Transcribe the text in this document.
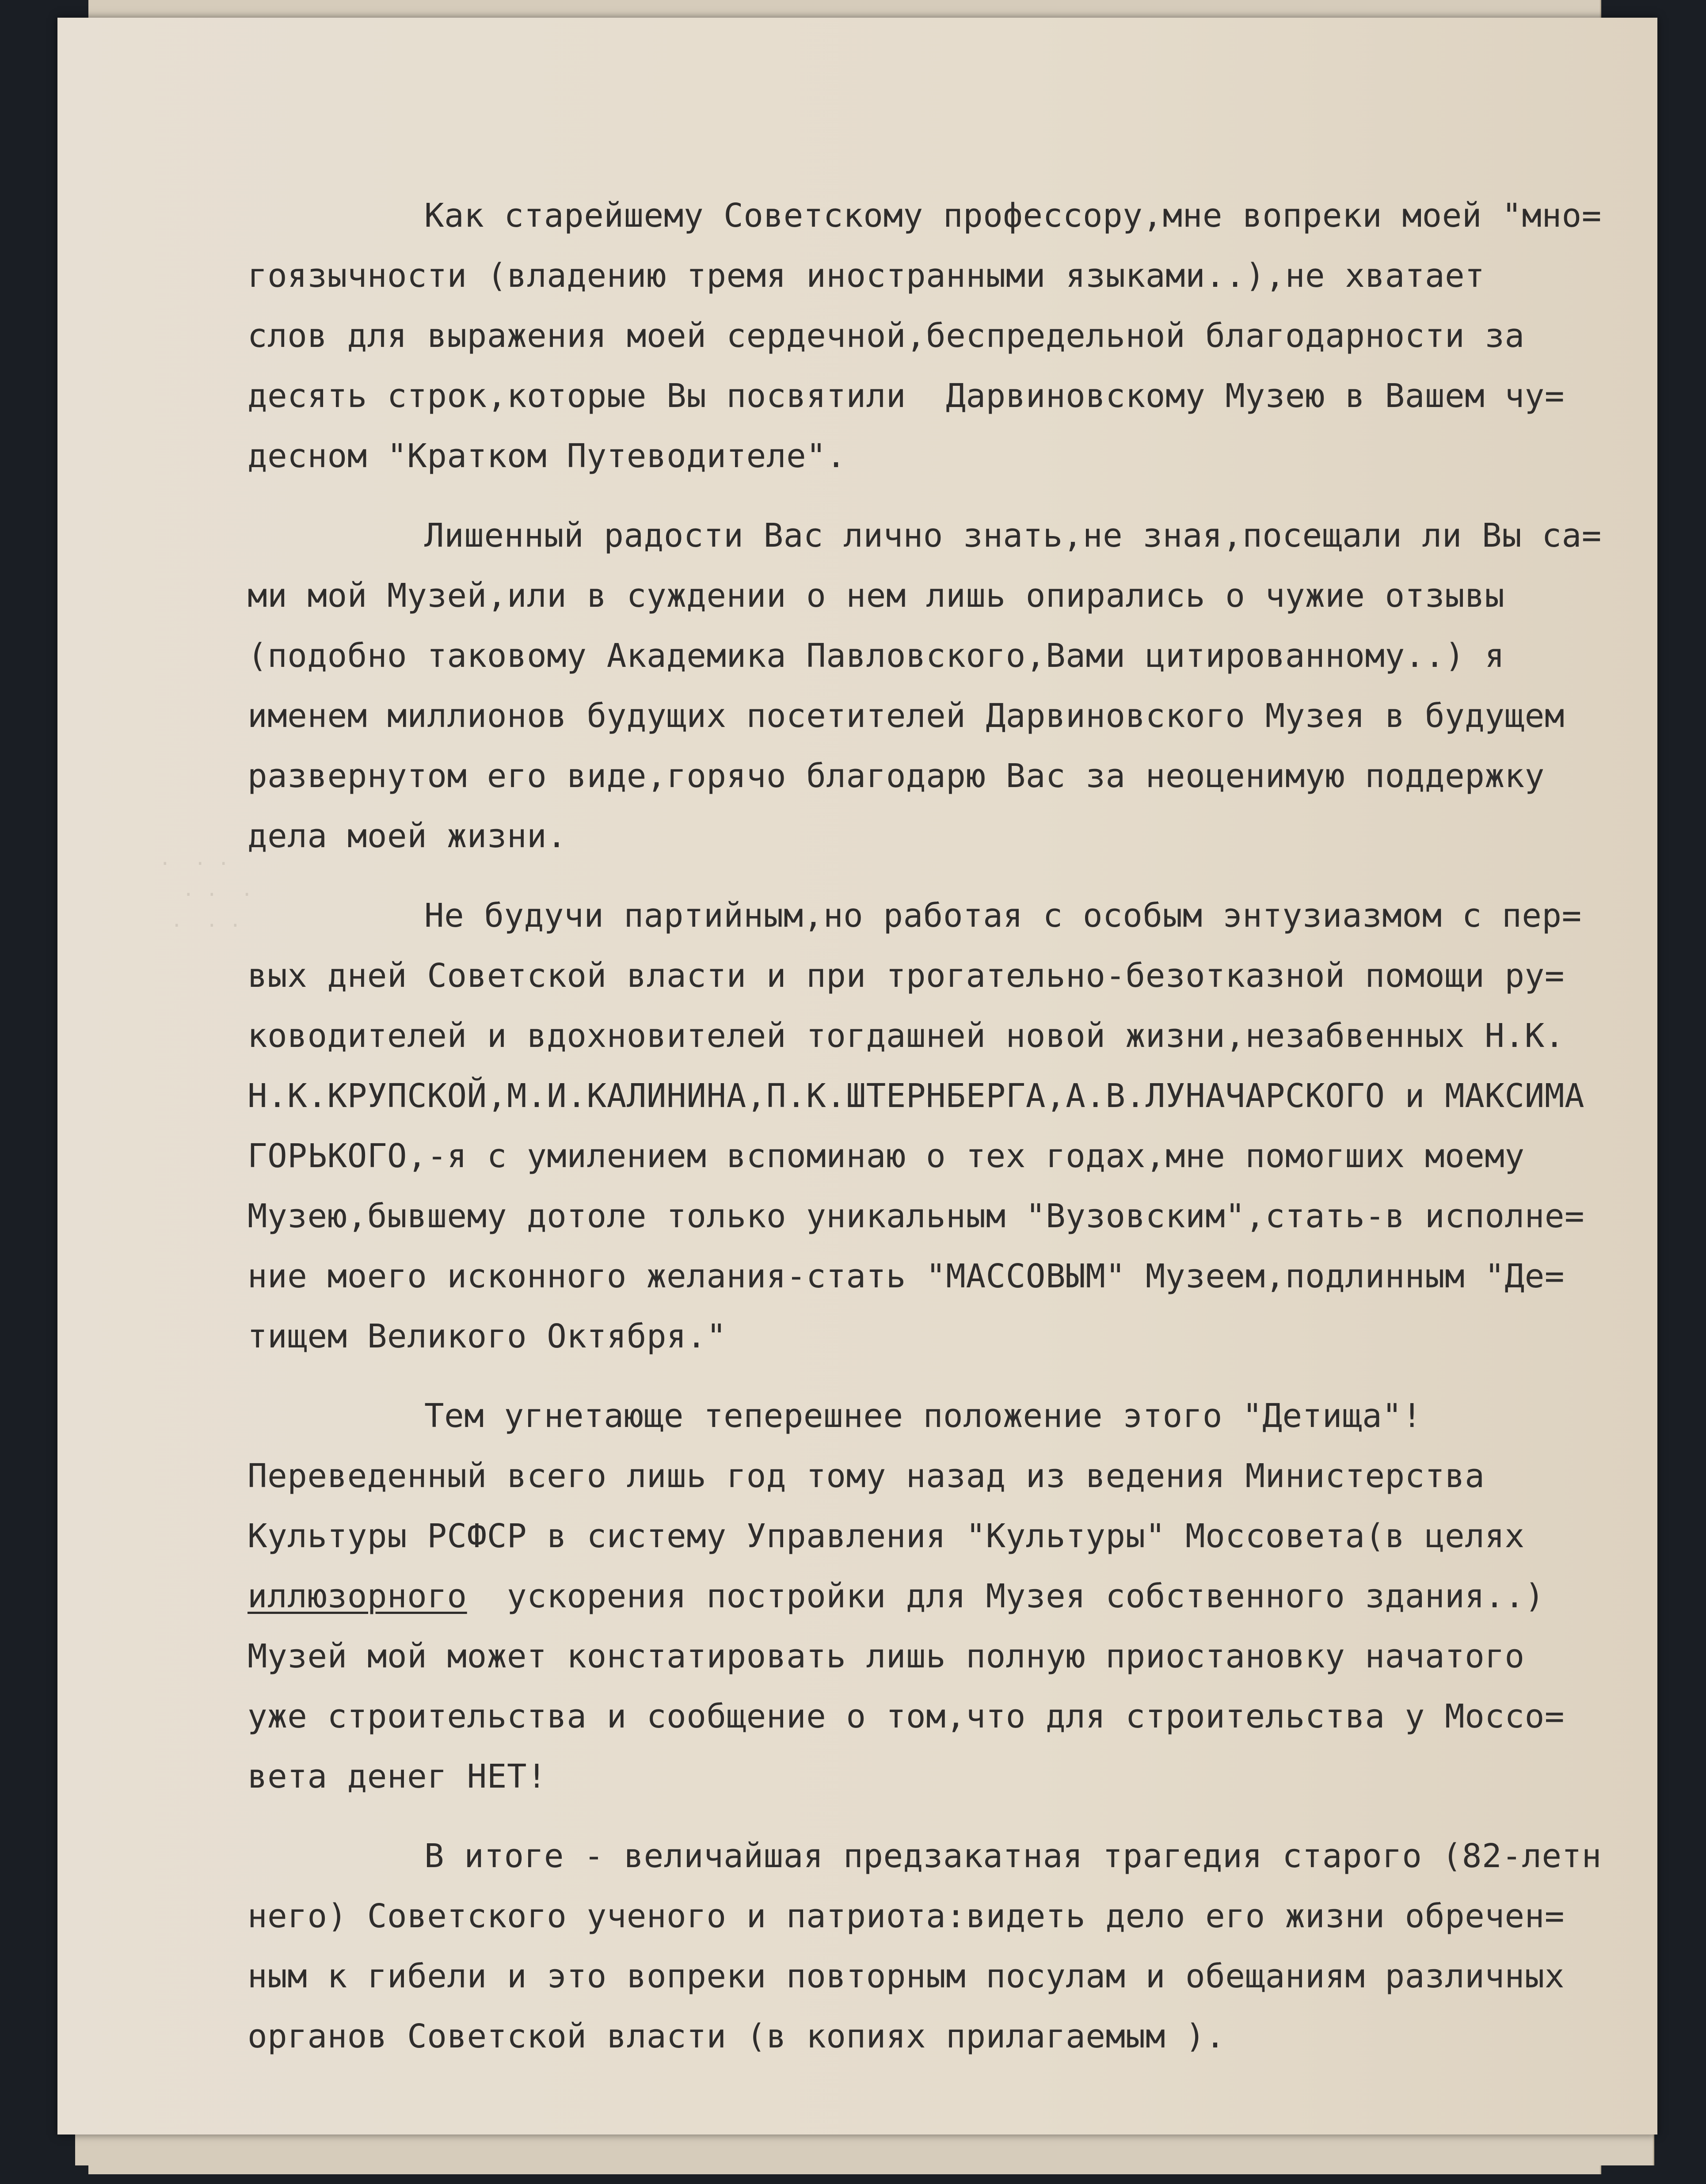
·  · ·
· ·  ·
·  · ·
Как старейшему Советскому профессору,мне вопреки моей "мно=
гоязычности (владению тремя иностранными языками..),не хватает
слов для выражения моей сердечной,беспредельной благодарности за
десять строк,которые Вы посвятили  Дарвиновскому Музею в Вашем чу=
десном "Кратком Путеводителе".
Лишенный радости Вас лично знать,не зная,посещали ли Вы са=
ми мой Музей,или в суждении о нем лишь опирались о чужие отзывы
(подобно таковому Академика Павловского,Вами цитированному..) я
именем миллионов будущих посетителей Дарвиновского Музея в будущем
развернутом его виде,горячо благодарю Вас за неоценимую поддержку
дела моей жизни.
Не будучи партийным,но работая с особым энтузиазмом с пер=
вых дней Советской власти и при трогательно-безотказной помощи ру=
ководителей и вдохновителей тогдашней новой жизни,незабвенных Н.К.
Н.К.КРУПСКОЙ,М.И.КАЛИНИНА,П.К.ШТЕРНБЕРГА,А.В.ЛУНАЧАРСКОГО и МАКСИМА
ГОРЬКОГО,-я с умилением вспоминаю о тех годах,мне помогших моему
Музею,бывшему дотоле только уникальным "Вузовским",стать-в исполне=
ние моего исконного желания-стать "МАССОВЫМ" Музеем,подлинным "Де=
тищем Великого Октября."
Тем угнетающе теперешнее положение этого "Детища"!
Переведенный всего лишь год тому назад из ведения Министерства
Культуры РСФСР в систему Управления "Культуры" Моссовета(в целях
иллюзорного  ускорения постройки для Музея собственного здания..)
Музей мой может констатировать лишь полную приостановку начатого
уже строительства и сообщение о том,что для строительства у Моссо=
вета денег НЕТ!
В итоге - величайшая предзакатная трагедия старого (82-летн
него) Советского ученого и патриота:видеть дело его жизни обречен=
ным к гибели и это вопреки повторным посулам и обещаниям различных
органов Советской власти (в копиях прилагаемым ).
